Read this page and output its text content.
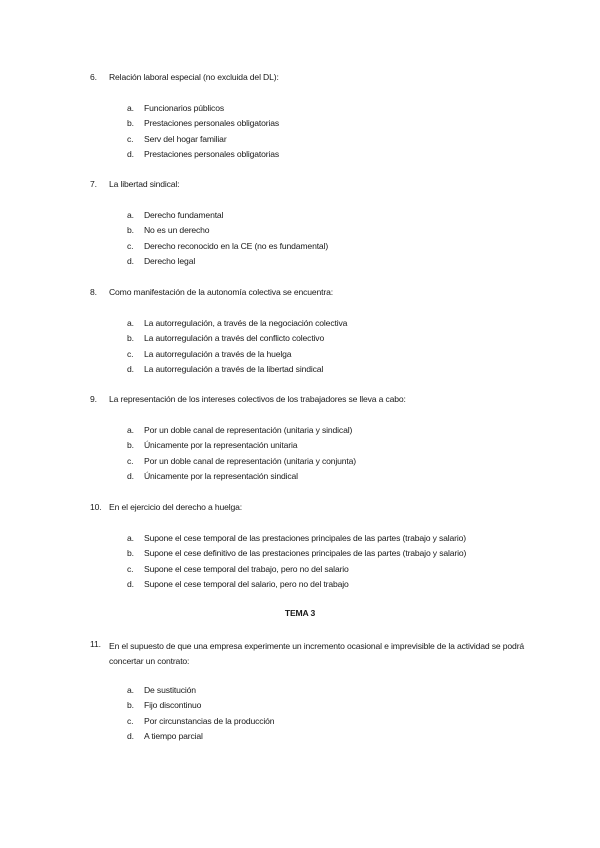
6. Relación laboral especial (no excluida del DL):
a. Funcionarios públicos
b. Prestaciones personales obligatorias
c. Serv del hogar familiar
d. Prestaciones personales obligatorias
7. La libertad sindical:
a. Derecho fundamental
b. No es un derecho
c. Derecho reconocido en la CE (no es fundamental)
d. Derecho legal
8. Como manifestación de la autonomía colectiva se encuentra:
a. La autorregulación, a través de la negociación colectiva
b. La autorregulación a través del conflicto colectivo
c. La autorregulación a través de la huelga
d. La autorregulación a través de la libertad sindical
9. La representación de los intereses colectivos de los trabajadores se lleva a cabo:
a. Por un doble canal de representación (unitaria y sindical)
b. Únicamente por la representación unitaria
c. Por un doble canal de representación (unitaria y conjunta)
d. Únicamente por la representación sindical
10. En el ejercicio del derecho a huelga:
a. Supone el cese temporal de las prestaciones principales de las partes (trabajo y salario)
b. Supone el cese definitivo de las prestaciones principales de las partes (trabajo y salario)
c. Supone el cese temporal del trabajo, pero no del salario
d. Supone el cese temporal del salario, pero no del trabajo
TEMA 3
11. En el supuesto de que una empresa experimente un incremento ocasional e imprevisible de la actividad se podrá concertar un contrato:
a. De sustitución
b. Fijo discontinuo
c. Por circunstancias de la producción
d. A tiempo parcial
